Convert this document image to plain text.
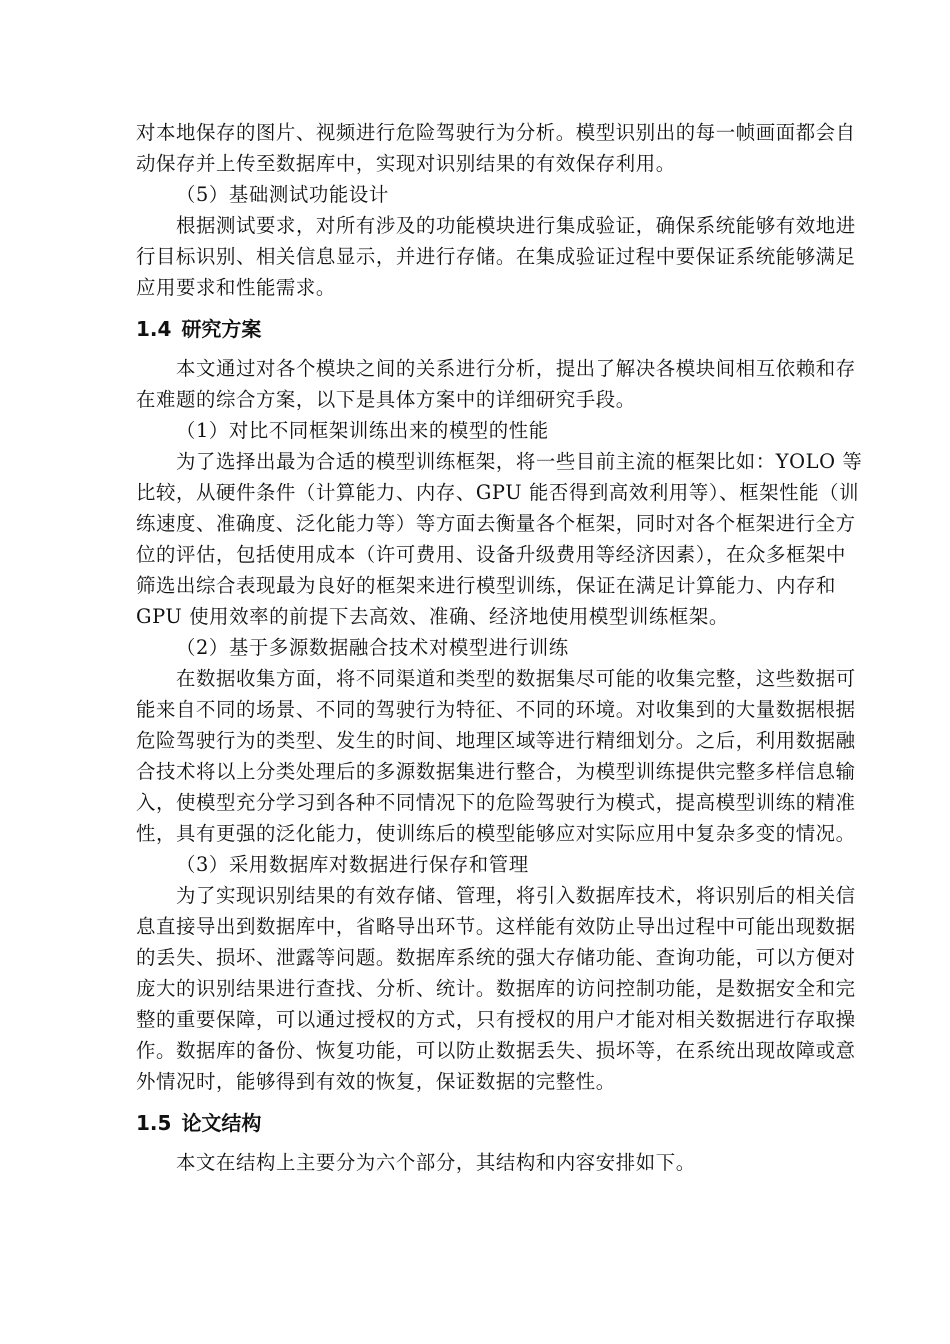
对本地保存的图片、视频进行危险驾驶行为分析。模型识别出的每一帧画面都会自
动保存并上传至数据库中，实现对识别结果的有效保存利用。
（5）基础测试功能设计
根据测试要求，对所有涉及的功能模块进行集成验证，确保系统能够有效地进
行目标识别、相关信息显示，并进行存储。在集成验证过程中要保证系统能够满足
应用要求和性能需求。
1.4 研究方案
本文通过对各个模块之间的关系进行分析，提出了解决各模块间相互依赖和存
在难题的综合方案，以下是具体方案中的详细研究手段。
（1）对比不同框架训练出来的模型的性能
为了选择出最为合适的模型训练框架，将一些目前主流的框架比如：YOLO 等
比较，从硬件条件（计算能力、内存、GPU 能否得到高效利用等）、框架性能（训
练速度、准确度、泛化能力等）等方面去衡量各个框架，同时对各个框架进行全方
位的评估，包括使用成本（许可费用、设备升级费用等经济因素），在众多框架中
筛选出综合表现最为良好的框架来进行模型训练，保证在满足计算能力、内存和
GPU 使用效率的前提下去高效、准确、经济地使用模型训练框架。
（2）基于多源数据融合技术对模型进行训练
在数据收集方面，将不同渠道和类型的数据集尽可能的收集完整，这些数据可
能来自不同的场景、不同的驾驶行为特征、不同的环境。对收集到的大量数据根据
危险驾驶行为的类型、发生的时间、地理区域等进行精细划分。之后，利用数据融
合技术将以上分类处理后的多源数据集进行整合，为模型训练提供完整多样信息输
入，使模型充分学习到各种不同情况下的危险驾驶行为模式，提高模型训练的精准
性，具有更强的泛化能力，使训练后的模型能够应对实际应用中复杂多变的情况。
（3）采用数据库对数据进行保存和管理
为了实现识别结果的有效存储、管理，将引入数据库技术，将识别后的相关信
息直接导出到数据库中，省略导出环节。这样能有效防止导出过程中可能出现数据
的丢失、损坏、泄露等问题。数据库系统的强大存储功能、查询功能，可以方便对
庞大的识别结果进行查找、分析、统计。数据库的访问控制功能，是数据安全和完
整的重要保障，可以通过授权的方式，只有授权的用户才能对相关数据进行存取操
作。数据库的备份、恢复功能，可以防止数据丢失、损坏等，在系统出现故障或意
外情况时，能够得到有效的恢复，保证数据的完整性。
1.5 论文结构
本文在结构上主要分为六个部分，其结构和内容安排如下。
